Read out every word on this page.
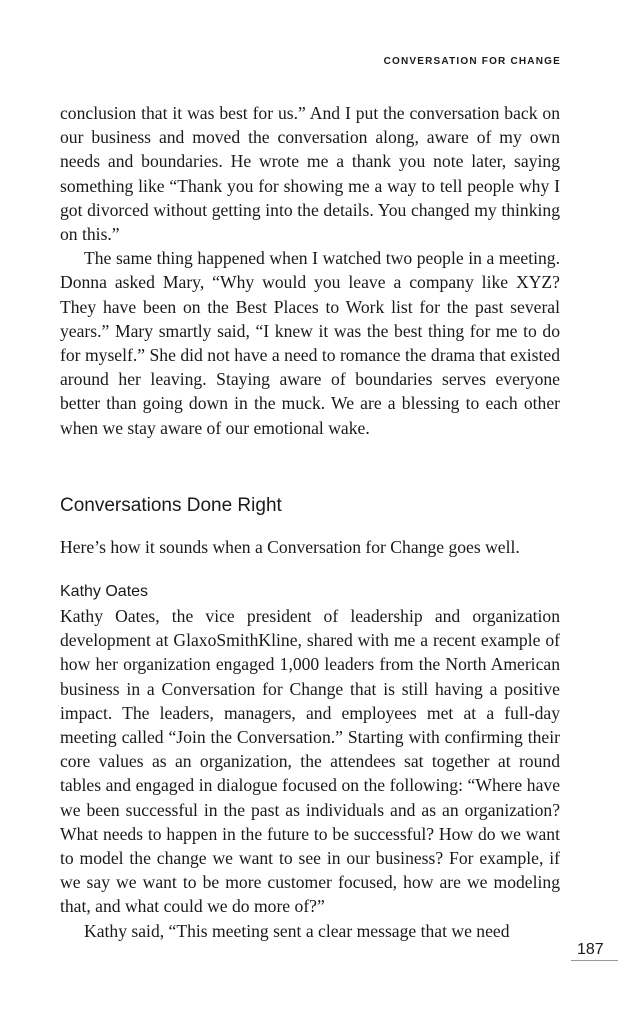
CONVERSATION FOR CHANGE

conclusion that it was best for us.” And I put the conversation back on our business and moved the conversation along, aware of my own needs and boundaries. He wrote me a thank you note later, saying something like “Thank you for showing me a way to tell people why I got divorced without getting into the details. You changed my thinking on this.”

The same thing happened when I watched two people in a meeting. Donna asked Mary, “Why would you leave a company like XYZ? They have been on the Best Places to Work list for the past several years.” Mary smartly said, “I knew it was the best thing for me to do for myself.” She did not have a need to romance the drama that existed around her leaving. Staying aware of boundaries serves everyone better than going down in the muck. We are a blessing to each other when we stay aware of our emotional wake.

Conversations Done Right

Here’s how it sounds when a Conversation for Change goes well.

Kathy Oates

Kathy Oates, the vice president of leadership and organization development at GlaxoSmithKline, shared with me a recent example of how her organization engaged 1,000 leaders from the North American business in a Conversation for Change that is still having a positive impact. The leaders, managers, and employees met at a full-day meeting called “Join the Conversation.” Starting with confirming their core values as an organization, the attendees sat together at round tables and engaged in dialogue focused on the following: “Where have we been successful in the past as individuals and as an organization? What needs to happen in the future to be successful? How do we want to model the change we want to see in our business? For example, if we say we want to be more customer focused, how are we modeling that, and what could we do more of?”

Kathy said, “This meeting sent a clear message that we need

187
